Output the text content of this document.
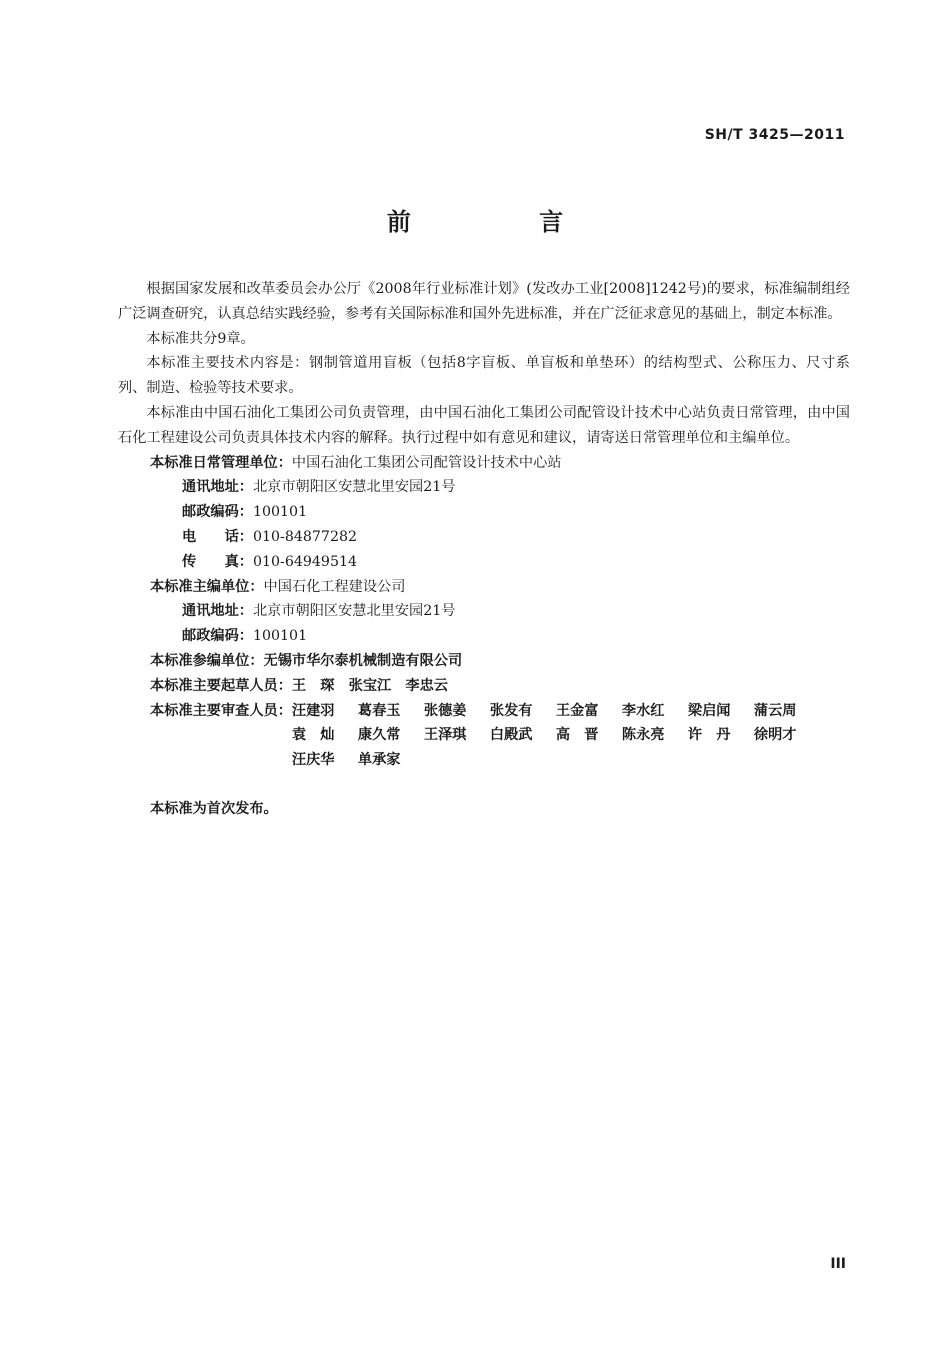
SH/T 3425—2011
前 言

根据国家发展和改革委员会办公厅《2008年行业标准计划》(发改办工业[2008]1242号)的要求，标准编制组经广泛调查研究，认真总结实践经验，参考有关国际标准和国外先进标准，并在广泛征求意见的基础上，制定本标准。

本标准共分9章。

本标准主要技术内容是：钢制管道用盲板（包括8字盲板、单盲板和单垫环）的结构型式、公称压力、尺寸系列、制造、检验等技术要求。

本标准由中国石油化工集团公司负责管理，由中国石油化工集团公司配管设计技术中心站负责日常管理，由中国石化工程建设公司负责具体技术内容的解释。执行过程中如有意见和建议，请寄送日常管理单位和主编单位。

本标准日常管理单位：中国石油化工集团公司配管设计技术中心站
通讯地址：北京市朝阳区安慧北里安园21号
邮政编码：100101
电　　话：010-84877282
传　　真：010-64949514
本标准主编单位：中国石化工程建设公司
通讯地址：北京市朝阳区安慧北里安园21号
邮政编码：100101
本标准参编单位：无锡市华尔泰机械制造有限公司
本标准主要起草人员：王　琛　张宝江　李忠云
本标准主要审查人员： 汪建羽	葛春玉	张德姜	张发有	王金富	李水红	梁启闻	蒲云周
袁　灿	康久常	王泽琪	白殿武	高　晋	陈永亮	许　丹	徐明才
汪庆华	单承家
本标准为首次发布。
III
